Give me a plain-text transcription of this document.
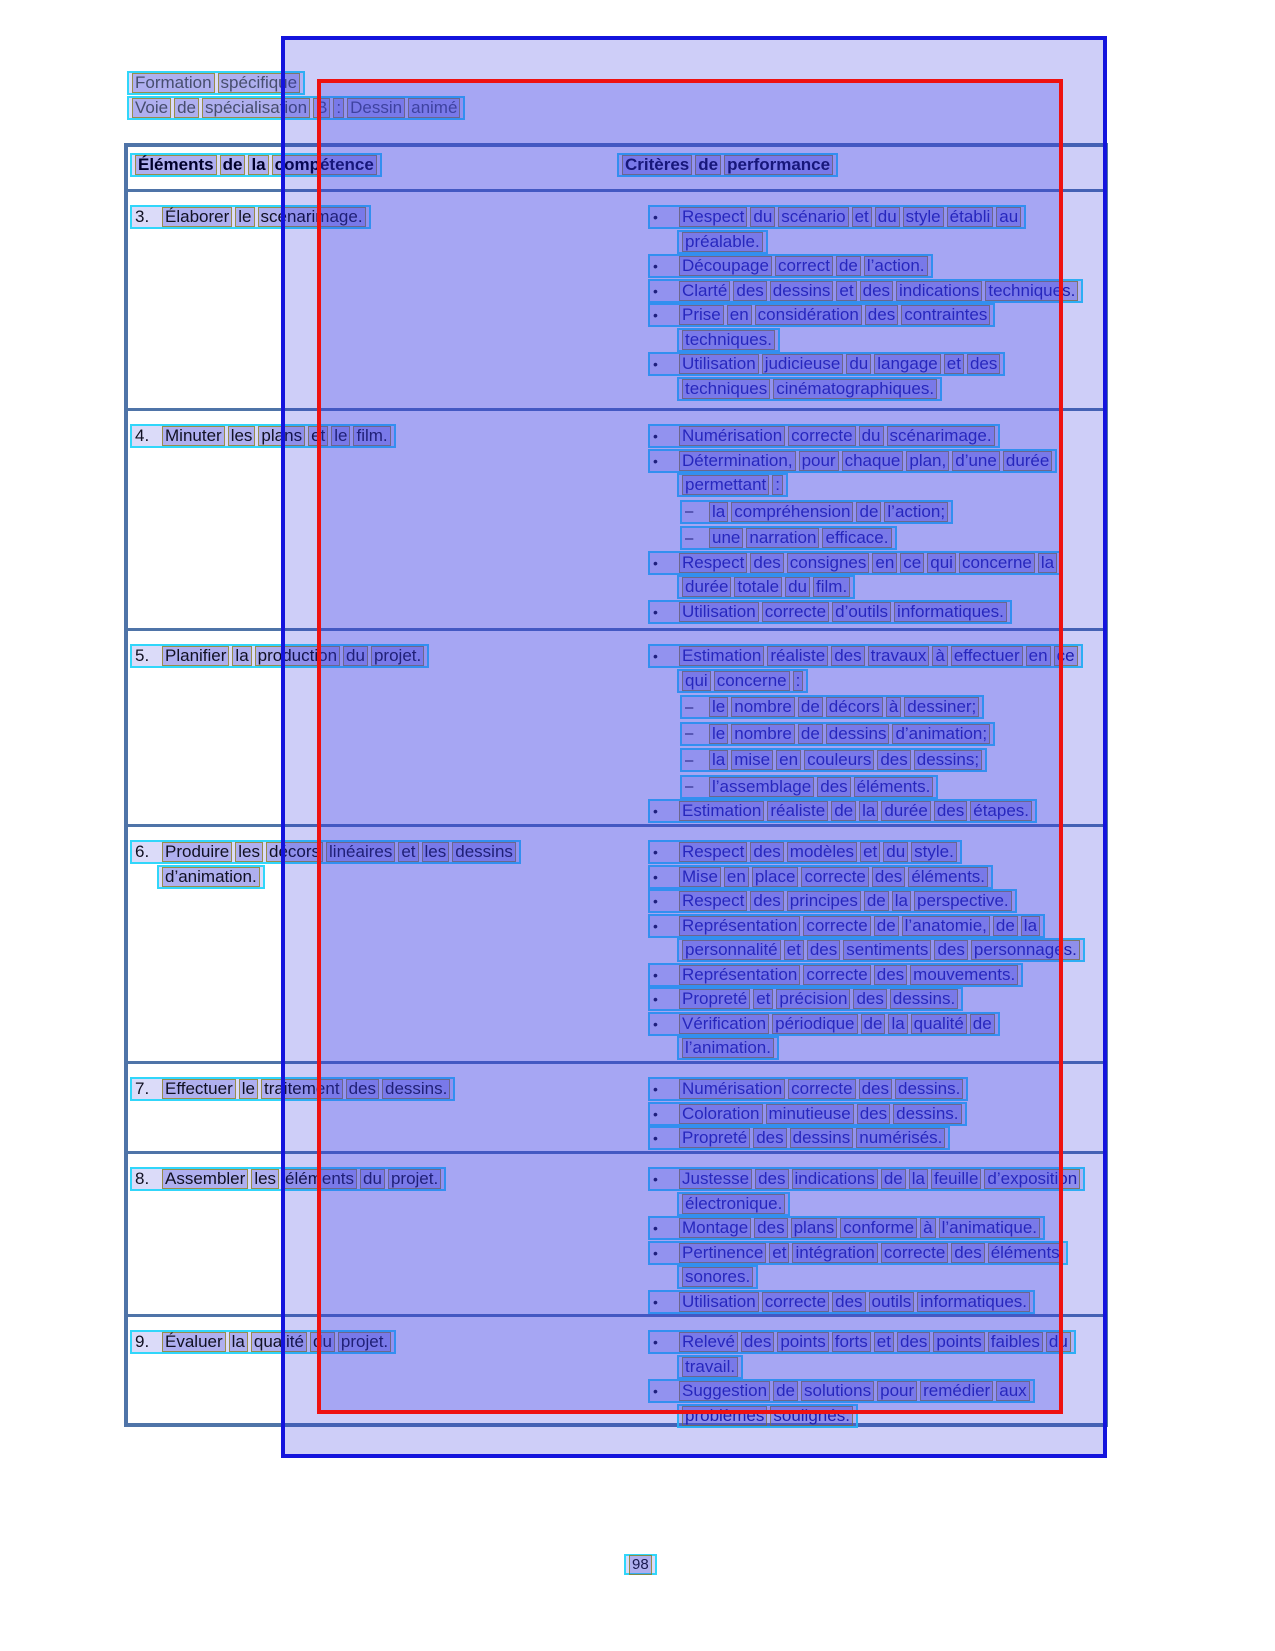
Formation spécifique
Voie de spécialisation B : Dessin animé
Éléments de la compétence	Critères de performance
3. Élaborer le scénarimage.	•	Respect du scénario et du style établi au
préalable.
•	Découpage correct de l’action.
•	Clarté des dessins et des indications techniques.
•	Prise en considération des contraintes
techniques.
•	Utilisation judicieuse du langage et des
techniques cinématographiques.
4. Minuter les plans et le film.	•	Numérisation correcte du scénarimage.
•	Détermination, pour chaque plan, d’une durée
permettant :
–	la compréhension de l’action;
–	une narration efficace.
•	Respect des consignes en ce qui concerne la
durée totale du film.
•	Utilisation correcte d’outils informatiques.
5. Planifier la production du projet.	•	Estimation réaliste des travaux à effectuer en ce
qui concerne :
–	le nombre de décors à dessiner;
–	le nombre de dessins d’animation;
–	la mise en couleurs des dessins;
–	l’assemblage des éléments.
•	Estimation réaliste de la durée des étapes.
6. Produire les décors linéaires et les dessins
d’animation.
•	Respect des modèles et du style.
•	Mise en place correcte des éléments.
•	Respect des principes de la perspective.
•	Représentation correcte de l’anatomie, de la
personnalité et des sentiments des personnages.
•	Représentation correcte des mouvements.
•	Propreté et précision des dessins.
•	Vérification périodique de la qualité de
l’animation.
7. Effectuer le traitement des dessins.	•	Numérisation correcte des dessins.
•	Coloration minutieuse des dessins.
•	Propreté des dessins numérisés.
8. Assembler les éléments du projet.	•	Justesse des indications de la feuille d’exposition
électronique.
•	Montage des plans conforme à l’animatique.
•	Pertinence et intégration correcte des éléments
sonores.
•	Utilisation correcte des outils informatiques.
9. Évaluer la qualité du projet.	•	Relevé des points forts et des points faibles du
travail.
•	Suggestion de solutions pour remédier aux
problèmes soulignés.
98
